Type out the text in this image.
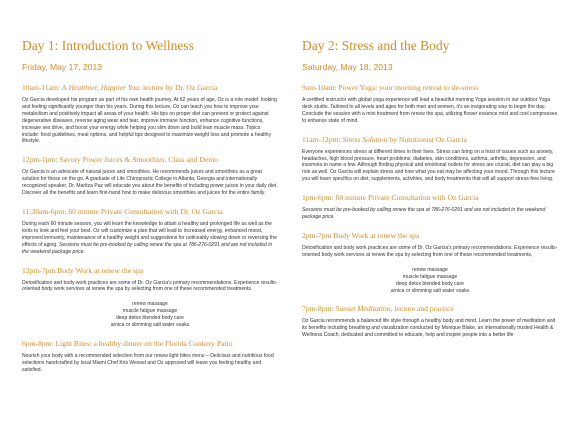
Day 1: Introduction to Wellness
Friday, May 17, 2013
10am-11am: A Healthier, Happier You: lecture by Dr. Oz Garcia
Oz Garcia developed his program as part of his own health journey. At 62 years of age, Oz is a role model: looking and feeling significantly younger than his years. During this lecture, Oz can teach you how to improve your metabolism and positively impact all areas of your health. His tips on proper diet can prevent or protect against degenerative diseases, reverse aging wear and tear, improve immune function, enhance cognitive functions, increase sex drive, and boost your energy while helping you slim down and build lean muscle mass. Topics include: food guidelines, meal options, and helpful tips designed to maximize weight loss and promote a healthy lifestyle.
12pm-1pm: Savory Power Juices & Smoothies, Class and Demo
Oz Garcia is an advocate of natural juices and smoothies. He recommends juices and smoothies as a great solution for those on the go. A graduate of Life Chiropractic College in Atlanta, Georgia and internationally recognized speaker, Dr. Maritza Paz will educate you about the benefits of including power juices in your daily diet. Discover all the benefits and learn first-hand how to make delicious smoothies and juices for the entire family.
11:30am-6pm: 60 minute Private Consultation with Dr. Oz Garcia
During each 60 minute session, you will learn the knowledge to attain a healthy and prolonged life as well as the tools to look and feel your best. Oz will customize a plan that will lead to increased energy, enhanced mood, improved immunity, maintenance of a healthy weight and suggestions for noticeably slowing down or reversing the effects of aging. Sessions must be pre-booked by calling renew the spa at 786-276-0291 and are not included in the weekend package price.
12pm-7pm Body Work at renew the spa
Detoxification and body work practices are some of Dr. Oz Garcia's primary recommendations. Experience results-oriented body work services at renew the spa by selecting from one of these recommended treatments.
renew massage
muscle fatigue massage
deep detox blended body care
arnica or slimming salt water soaks
6pm-8pm: Light Bites: a healthy dinner on the Florida Cookery Patio
Nourish your body with a recommended selection from our renew light bites menu – Delicious and nutritious food selections handcrafted by local Miami Chef Kris Wessel and Oz approved will leave you feeling healthy and satisfied.
Day 2: Stress and the Body
Saturday, May 18, 2013
9am-10am: Power Yoga: your morning retreat to de-stress
A certified instructor with global yoga experience will lead a beautiful morning Yoga session in our outdoor Yoga deck studio. Tailored to all levels and ages for both men and women, it's an invigorating way to begin the day. Conclude the session with a mini treatment from renew the spa, utilizing flower essence mist and cool compresses to enhance state of mind.
11am-12pm: Stress Solution by Nutritionist Oz Garcia
Everyone experiences stress at different times in their lives. Stress can bring on a host of issues such as anxiety, headaches, high blood pressure, heart problems, diabetes, skin conditions, asthma, arthritis, depression, and insomnia to name a few. Although finding physical and emotional outlets for stress are crucial, diet can play a big role as well. Oz Garcia will explain stress and how what you eat may be affecting your mood. Through this lecture you will learn specifics on diet, supplements, activities, and body treatments that will all support stress-free living.
1pm-6pm: 60 minute Private Consultation with Oz Garcia
Sessions must be pre-booked by calling renew the spa at 786-276-0291 and are not included in the weekend package price.
2pm-7pm Body Work at renew the spa
Detoxification and body work practices are some of Dr. Oz Garcia's primary recommendations. Experience results-oriented body work services at renew the spa by selecting from one of these recommended treatments,
renew massage
muscle fatigue massage
deep detox blended body care
arnica or slimming salt water soaks
7pm-8pm: Sunset Meditation, lecture and practice
Oz Garcia recommends a balanced life style through a healthy body and mind. Learn the power of meditation and its benefits including breathing and visualization conducted by Monique Blake, an internationally trusted Health & Wellness Coach, dedicated and committed to educate, help and inspire people into a better life
